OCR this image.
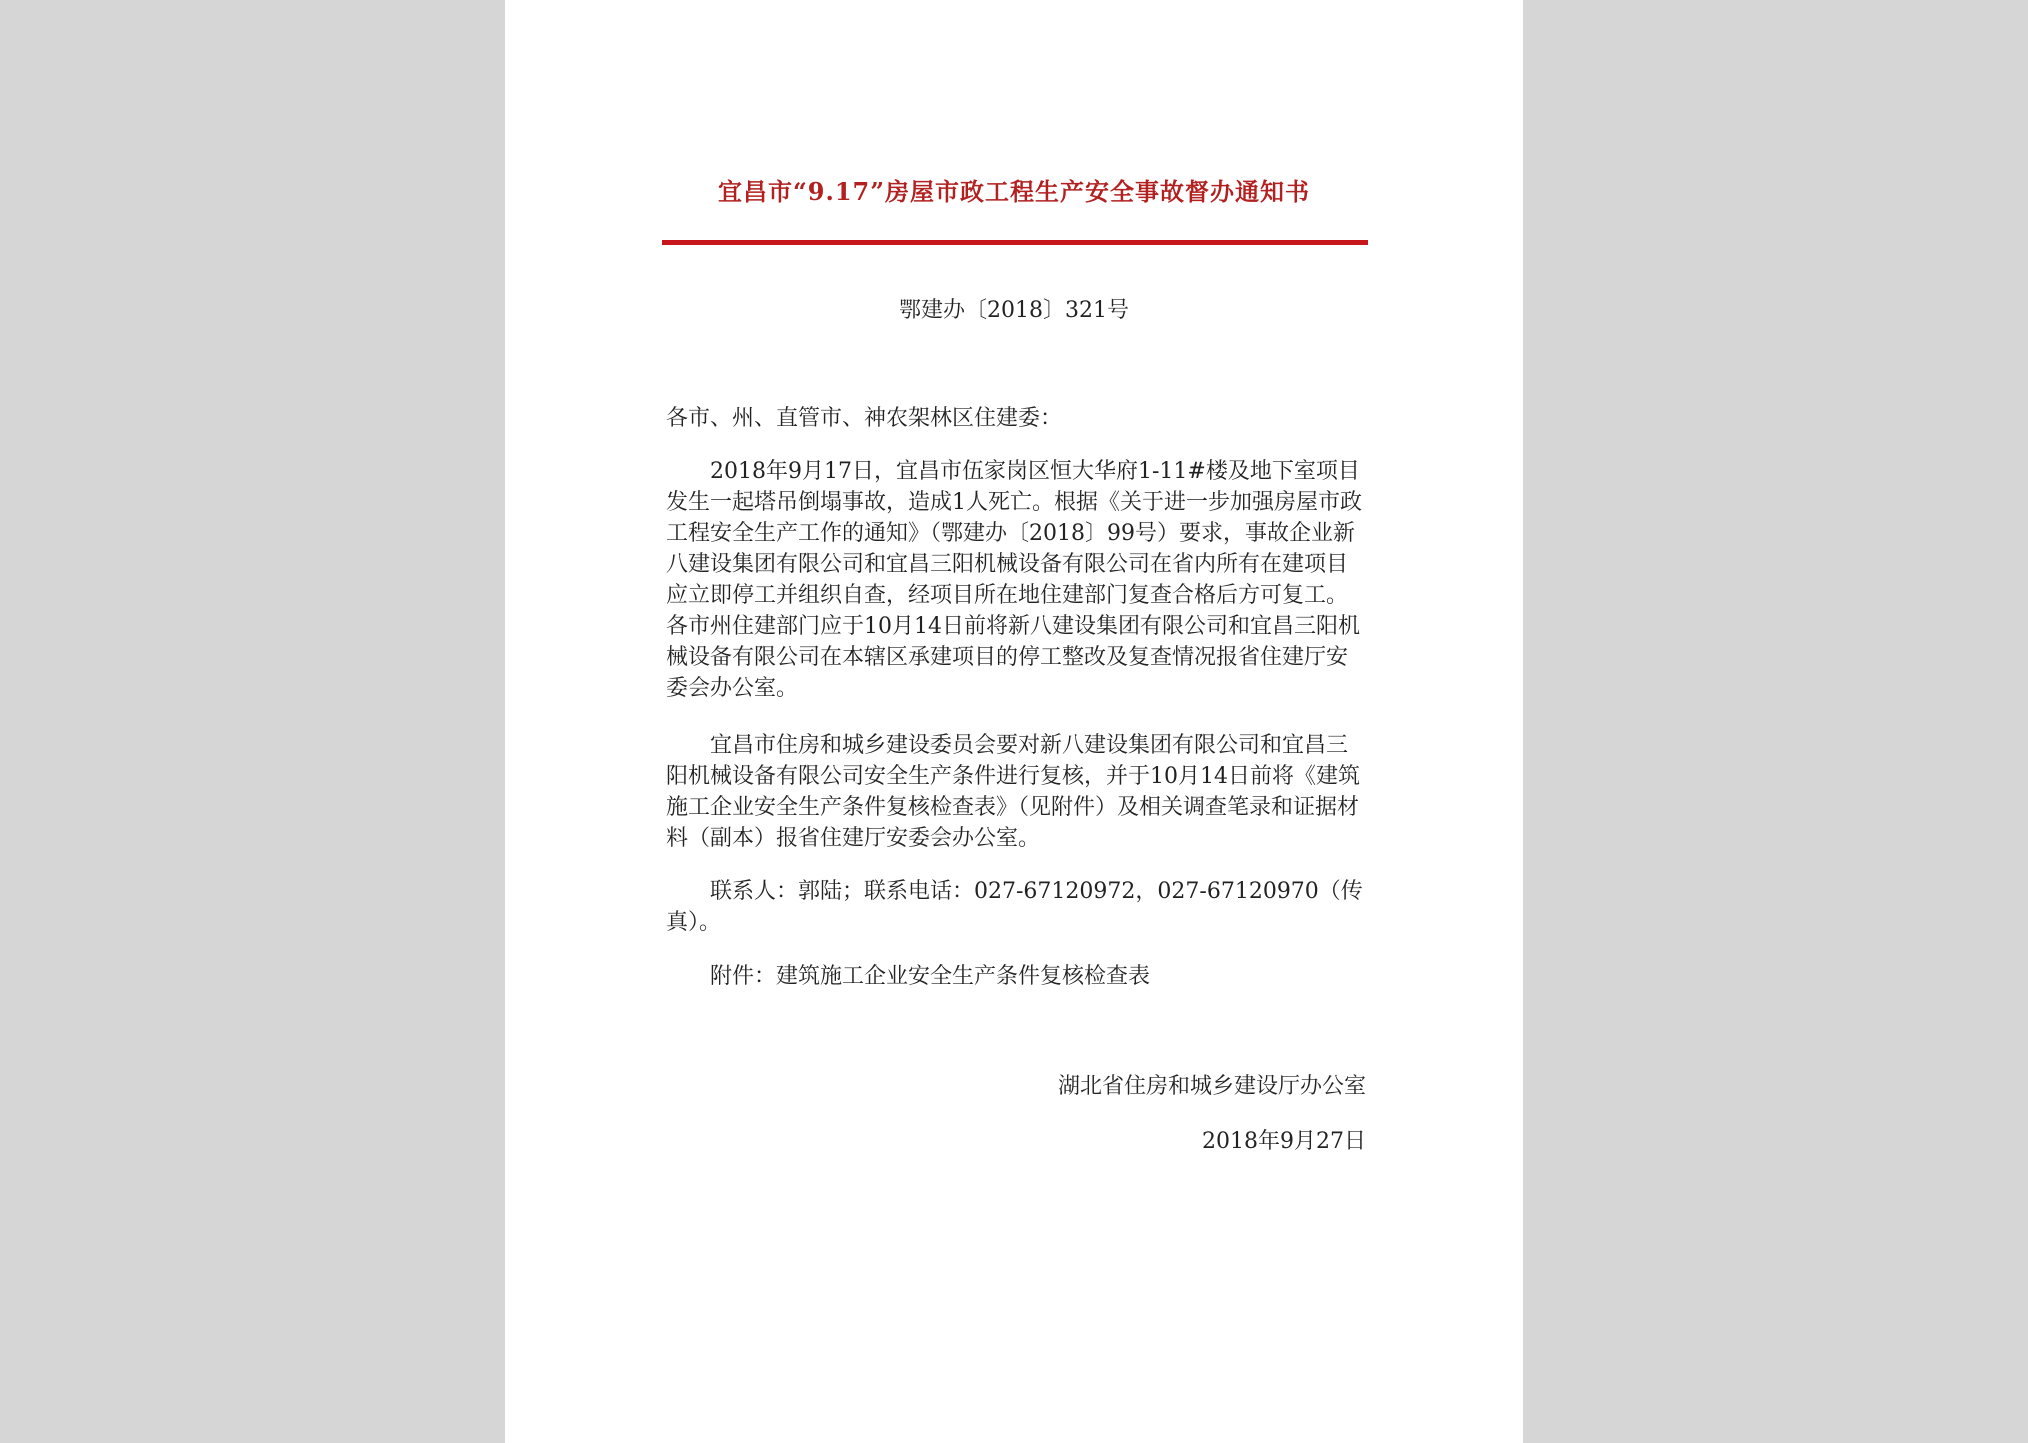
宜昌市“9.17”房屋市政工程生产安全事故督办通知书
鄂建办〔2018〕321号
各市、州、直管市、神农架林区住建委：
2018年9月17日，宜昌市伍家岗区恒大华府1-11#楼及地下室项目发生一起塔吊倒塌事故，造成1人死亡。根据《关于进一步加强房屋市政工程安全生产工作的通知》（鄂建办〔2018〕99号）要求，事故企业新八建设集团有限公司和宜昌三阳机械设备有限公司在省内所有在建项目应立即停工并组织自查，经项目所在地住建部门复查合格后方可复工。各市州住建部门应于10月14日前将新八建设集团有限公司和宜昌三阳机械设备有限公司在本辖区承建项目的停工整改及复查情况报省住建厅安委会办公室。
宜昌市住房和城乡建设委员会要对新八建设集团有限公司和宜昌三阳机械设备有限公司安全生产条件进行复核，并于10月14日前将《建筑施工企业安全生产条件复核检查表》（见附件）及相关调查笔录和证据材料（副本）报省住建厅安委会办公室。
联系人：郭陆；联系电话：027-67120972，027-67120970（传真）。
附件：建筑施工企业安全生产条件复核检查表
湖北省住房和城乡建设厅办公室
2018年9月27日
